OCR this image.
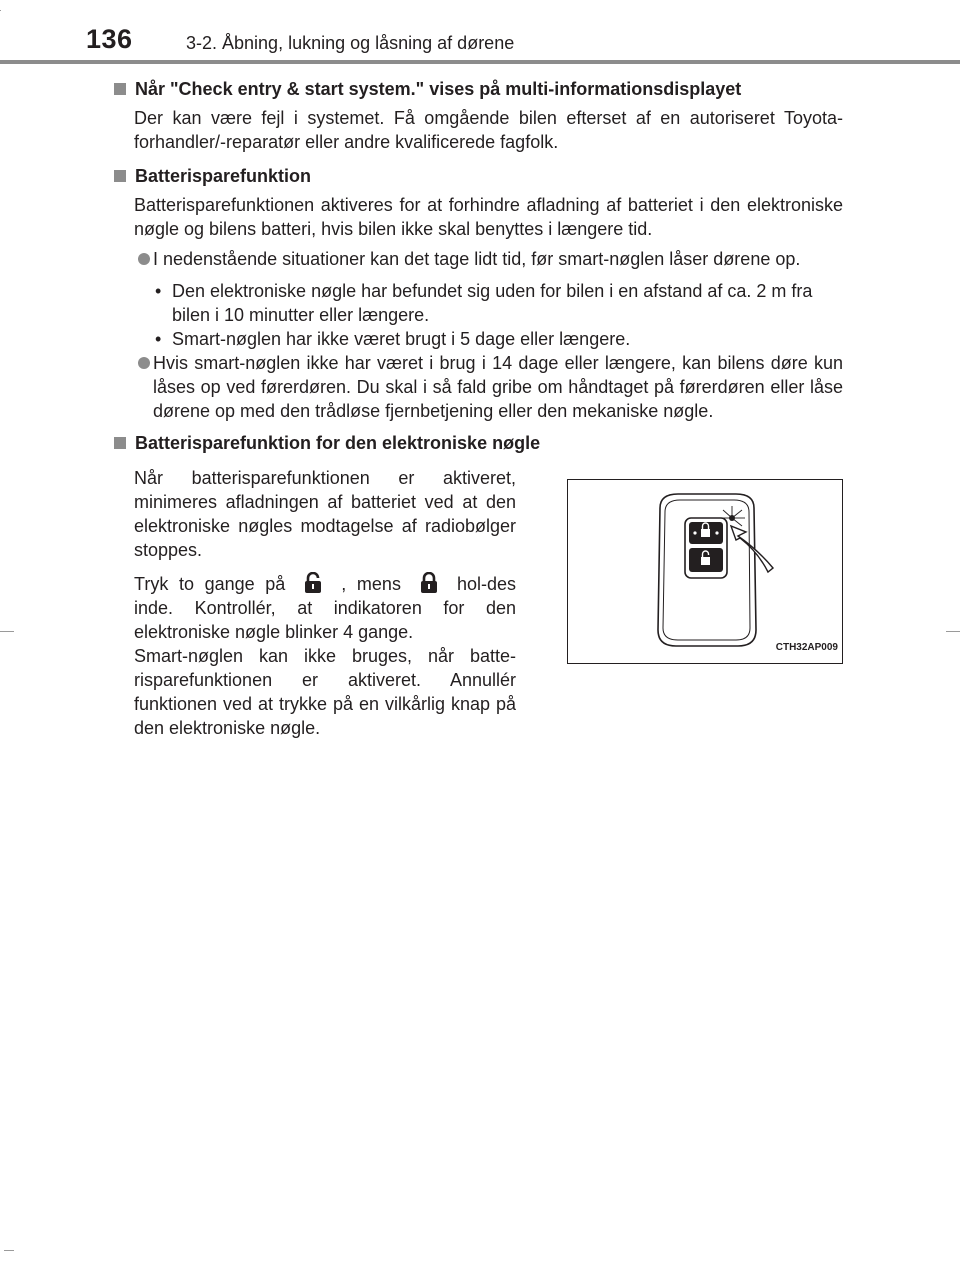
136	3-2. Åbning, lukning og låsning af dørene
Når "Check entry & start system." vises på multi-informationsdisplayet

Der kan være fejl i systemet. Få omgående bilen efterset af en autoriseret Toyota-forhandler/-reparatør eller andre kvalificerede fagfolk.

Batterisparefunktion

Batterisparefunktionen aktiveres for at forhindre afladning af batteriet i den elektroniske nøgle og bilens batteri, hvis bilen ikke skal benyttes i længere tid.

I nedenstående situationer kan det tage lidt tid, før smart-nøglen låser dørene op.
• Den elektroniske nøgle har befundet sig uden for bilen i en afstand af ca. 2 m fra bilen i 10 minutter eller længere.
• Smart-nøglen har ikke været brugt i 5 dage eller længere.
Hvis smart-nøglen ikke har været i brug i 14 dage eller længere, kan bilens døre kun låses op ved førerdøren. Du skal i så fald gribe om håndtaget på førerdøren eller låse dørene op med den trådløse fjernbetjening eller den mekaniske nøgle.
Batterisparefunktion for den elektroniske nøgle

Når batterisparefunktionen er aktiveret, minimeres afladningen af batteriet ved at den elektroniske nøgles modtagelse af radiobølger stoppes.

Tryk to gange på	, mens	hol-des inde. Kontrollér, at indikatoren for den elektroniske nøgle blinker 4 gange.

Smart-nøglen kan ikke bruges, når batte-risparefunktionen er aktiveret. Annullér funktionen ved at trykke på en vilkårlig knap på den elektroniske nøgle.

CTH32AP009
